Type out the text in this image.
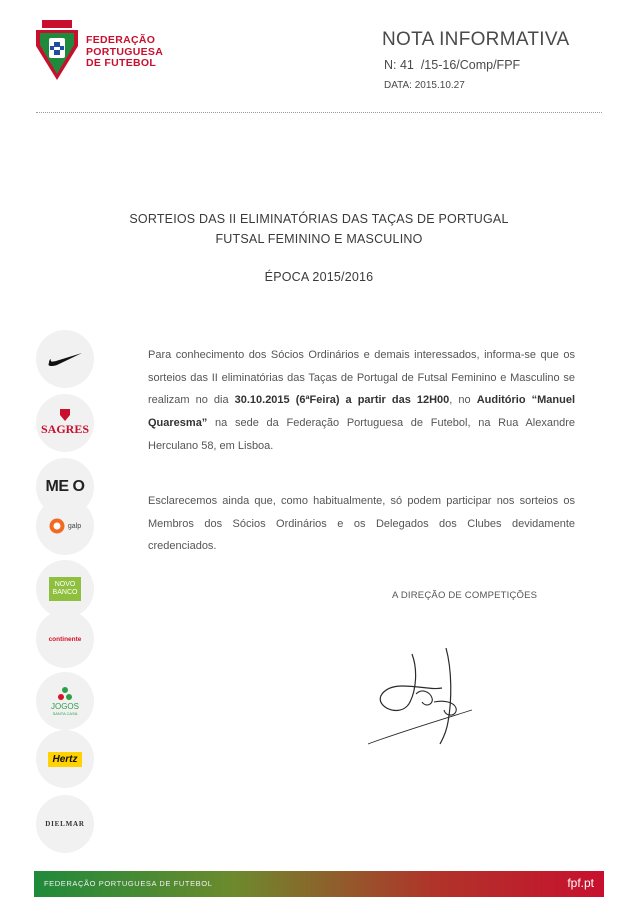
FEDERAÇÃO
PORTUGUESA
DE FUTEBOL
NOTA INFORMATIVA
N: 41  /15-16/Comp/FPF
DATA: 2015.10.27
SORTEIOS DAS II ELIMINATÓRIAS DAS TAÇAS DE PORTUGAL
FUTSAL FEMININO E MASCULINO
ÉPOCA 2015/2016
Para conhecimento dos Sócios Ordinários e demais interessados, informa-se que os sorteios das II eliminatórias das Taças de Portugal de Futsal Feminino e Masculino se realizam no dia 30.10.2015 (6ªFeira) a partir das 12H00, no Auditório “Manuel Quaresma” na sede da Federação Portuguesa de Futebol, na Rua Alexandre Herculano 58, em Lisboa.
Esclarecemos ainda que, como habitualmente, só podem participar nos sorteios os Membros dos Sócios Ordinários e os Delegados dos Clubes devidamente credenciados.
A DIREÇÃO DE COMPETIÇÕES
SAGRES
ME O
galp
NOVO
BANCO
continente
JOGOS
SANTA CASA
Hertz
DIELMAR
FEDERAÇÃO PORTUGUESA DE FUTEBOL	fpf.pt
